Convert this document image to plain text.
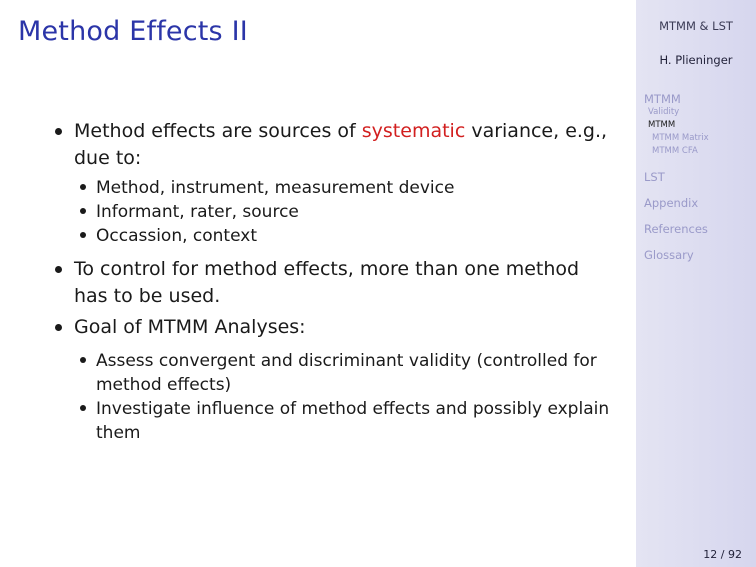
Method Effects II
Method effects are sources of systematic variance, e.g., due to:
Method, instrument, measurement device
Informant, rater, source
Occassion, context
To control for method effects, more than one method has to be used.
Goal of MTMM Analyses:
Assess convergent and discriminant validity (controlled for method effects)
Investigate influence of method effects and possibly explain them
MTMM & LST
H. Plieninger
MTMM
Validity
MTMM
MTMM Matrix
MTMM CFA
LST
Appendix
References
Glossary
12 / 92
